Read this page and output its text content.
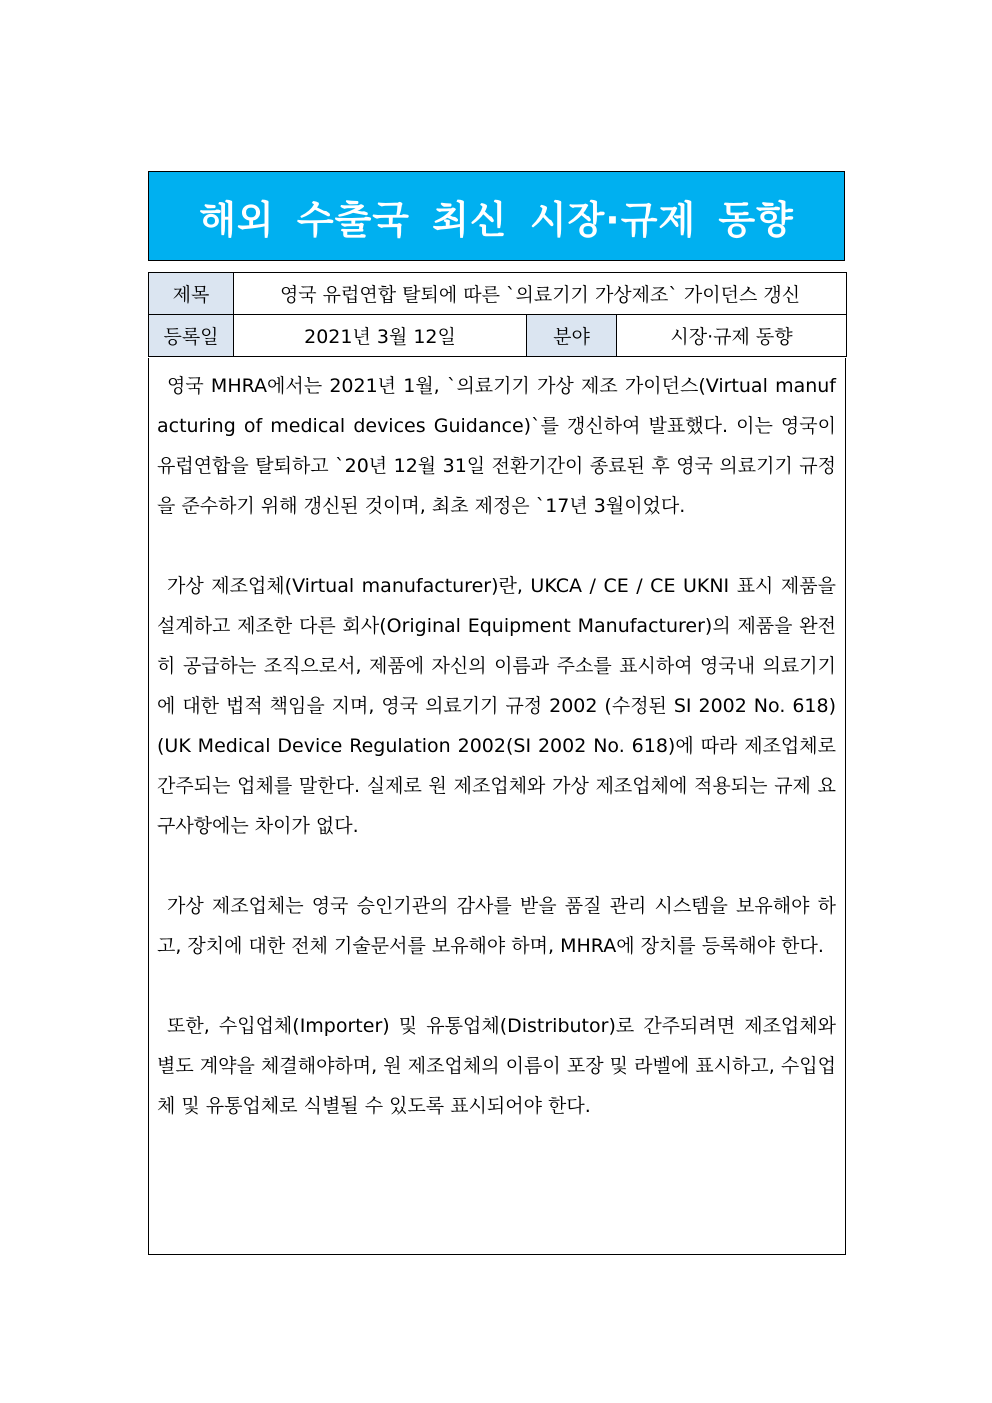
해외 수출국 최신 시장·규제 동향
제목	영국 유럽연합 탈퇴에 따른 `의료기기 가상제조` 가이던스 갱신		
등록일	2021년 3월 12일	분야	시장·규제 동향

영국 MHRA에서는 2021년 1월, `의료기기 가상 제조 가이던스(Virtual manufacturing of medical devices Guidance)`를 갱신하여 발표했다. 이는 영국이 유럽연합을 탈퇴하고 `20년 12월 31일 전환기간이 종료된 후 영국 의료기기 규정을 준수하기 위해 갱신된 것이며, 최초 제정은 `17년 3월이었다.

가상 제조업체(Virtual manufacturer)란, UKCA / CE / CE UKNI 표시 제품을 설계하고 제조한 다른 회사(Original Equipment Manufacturer)의 제품을 완전히 공급하는 조직으로서, 제품에 자신의 이름과 주소를 표시하여 영국내 의료기기에 대한 법적 책임을 지며, 영국 의료기기 규정 2002 (수정된 SI 2002 No. 618)(UK Medical Device Regulation 2002(SI 2002 No. 618)에 따라 제조업체로 간주되는 업체를 말한다. 실제로 원 제조업체와 가상 제조업체에 적용되는 규제 요구사항에는 차이가 없다.

가상 제조업체는 영국 승인기관의 감사를 받을 품질 관리 시스템을 보유해야 하고, 장치에 대한 전체 기술문서를 보유해야 하며, MHRA에 장치를 등록해야 한다.

또한, 수입업체(Importer) 및 유통업체(Distributor)로 간주되려면 제조업체와 별도 계약을 체결해야하며, 원 제조업체의 이름이 포장 및 라벨에 표시하고, 수입업체 및 유통업체로 식별될 수 있도록 표시되어야 한다.
